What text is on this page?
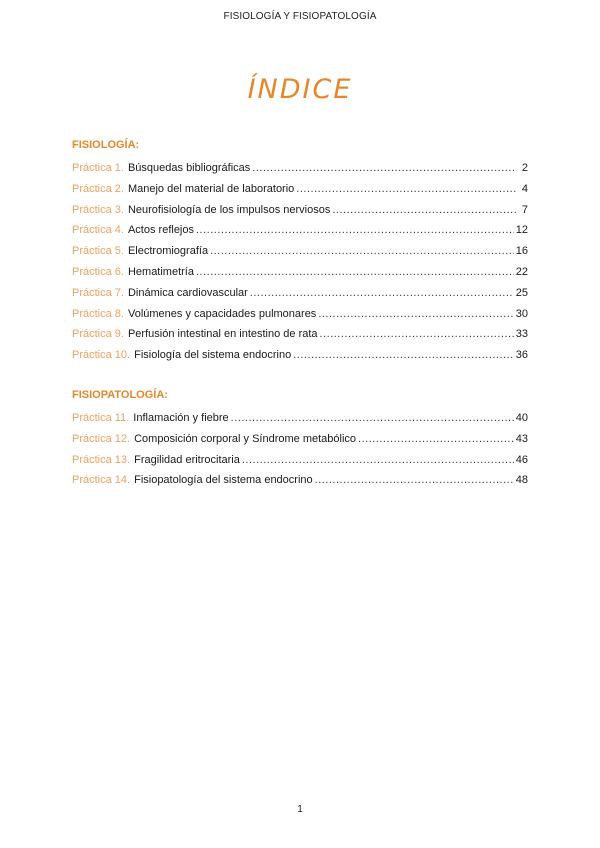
FISIOLOGÍA Y FISIOPATOLOGÍA
ÍNDICE
FISIOLOGÍA:
Práctica 1. Búsquedas bibliográficas .....	2
Práctica 2. Manejo del material de laboratorio .....	4
Práctica 3. Neurofisiología de los impulsos nerviosos .....	7
Práctica 4. Actos reflejos .....	12
Práctica 5. Electromiografía .....	16
Práctica 6. Hematimetría .....	22
Práctica 7. Dinámica cardiovascular .....	25
Práctica 8. Volúmenes y capacidades pulmonares .....	30
Práctica 9. Perfusión intestinal en intestino de rata .....	33
Práctica 10. Fisiología del sistema endocrino .....	36
FISIOPATOLOGÍA:
Práctica 11. Inflamación y fiebre .....	40
Práctica 12. Composición corporal y Síndrome metabólico .....	43
Práctica 13. Fragilidad eritrocitaria .....	46
Práctica 14. Fisiopatología del sistema endocrino .....	48
1
